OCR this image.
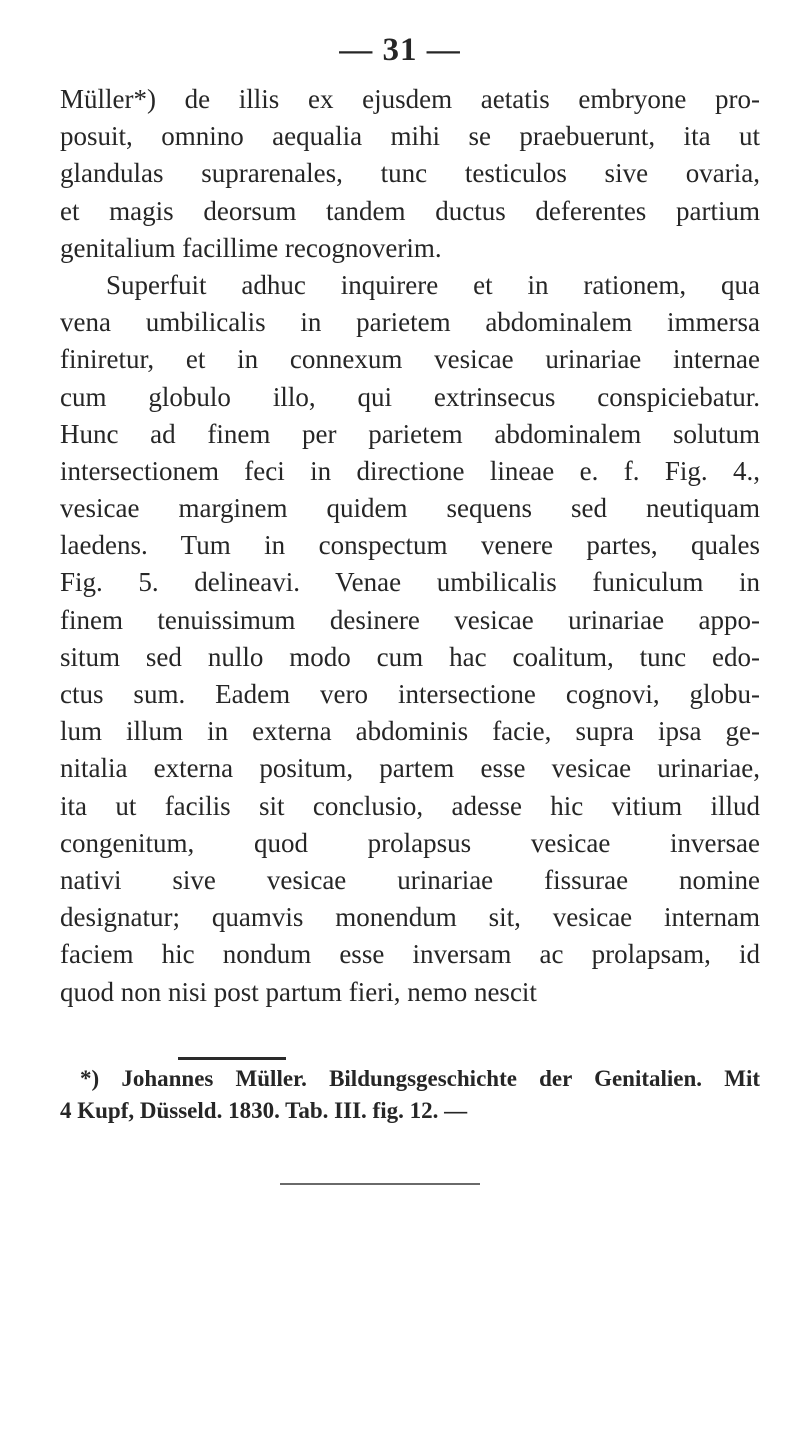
— 31 —
Müller*) de illis ex ejusdem aetatis embryone pro-
posuit, omnino aequalia mihi se praebuerunt, ita ut
glandulas suprarenales, tunc testiculos sive ovaria,
et magis deorsum tandem ductus deferentes partium
genitalium facillime recognoverim.
Superfuit adhuc inquirere et in rationem, qua
vena umbilicalis in parietem abdominalem immersa
finiretur, et in connexum vesicae urinariae internae
cum globulo illo, qui extrinsecus conspiciebatur.
Hunc ad finem per parietem abdominalem solutum
intersectionem feci in directione lineae e. f. Fig. 4.,
vesicae marginem quidem sequens sed neutiquam
laedens. Tum in conspectum venere partes, quales
Fig. 5. delineavi. Venae umbilicalis funiculum in
finem tenuissimum desinere vesicae urinariae appo-
situm sed nullo modo cum hac coalitum, tunc edo-
ctus sum. Eadem vero intersectione cognovi, globu-
lum illum in externa abdominis facie, supra ipsa ge-
nitalia externa positum, partem esse vesicae urinariae,
ita ut facilis sit conclusio, adesse hic vitium illud
congenitum, quod prolapsus vesicae inversae
nativi sive vesicae urinariae fissurae nomine
designatur; quamvis monendum sit, vesicae internam
faciem hic nondum esse inversam ac prolapsam, id
quod non nisi post partum fieri, nemo nescit
*) Johannes Müller. Bildungsgeschichte der Genitalien. Mit
4 Kupf, Düsseld. 1830. Tab. III. fig. 12. —
